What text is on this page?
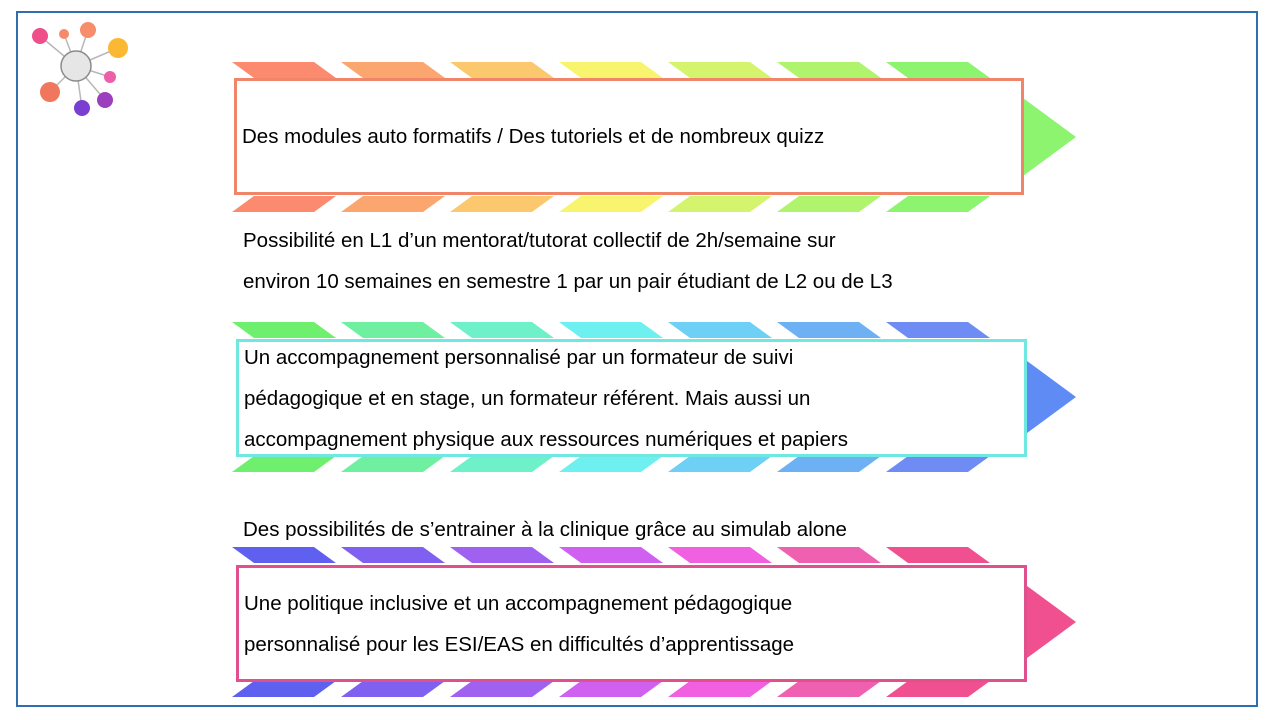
Des modules auto formatifs / Des tutoriels et de nombreux quizz
Possibilité en L1 d’un mentorat/tutorat collectif de 2h/semaine sur
environ 10 semaines en semestre 1 par un pair étudiant de L2 ou de L3
Un accompagnement personnalisé par un formateur de suivi
pédagogique et en stage, un formateur référent. Mais aussi un
accompagnement physique aux ressources numériques et papiers
Des possibilités de s’entrainer à la clinique grâce au simulab alone
Une politique inclusive et un accompagnement pédagogique
personnalisé pour les ESI/EAS en difficultés d’apprentissage
